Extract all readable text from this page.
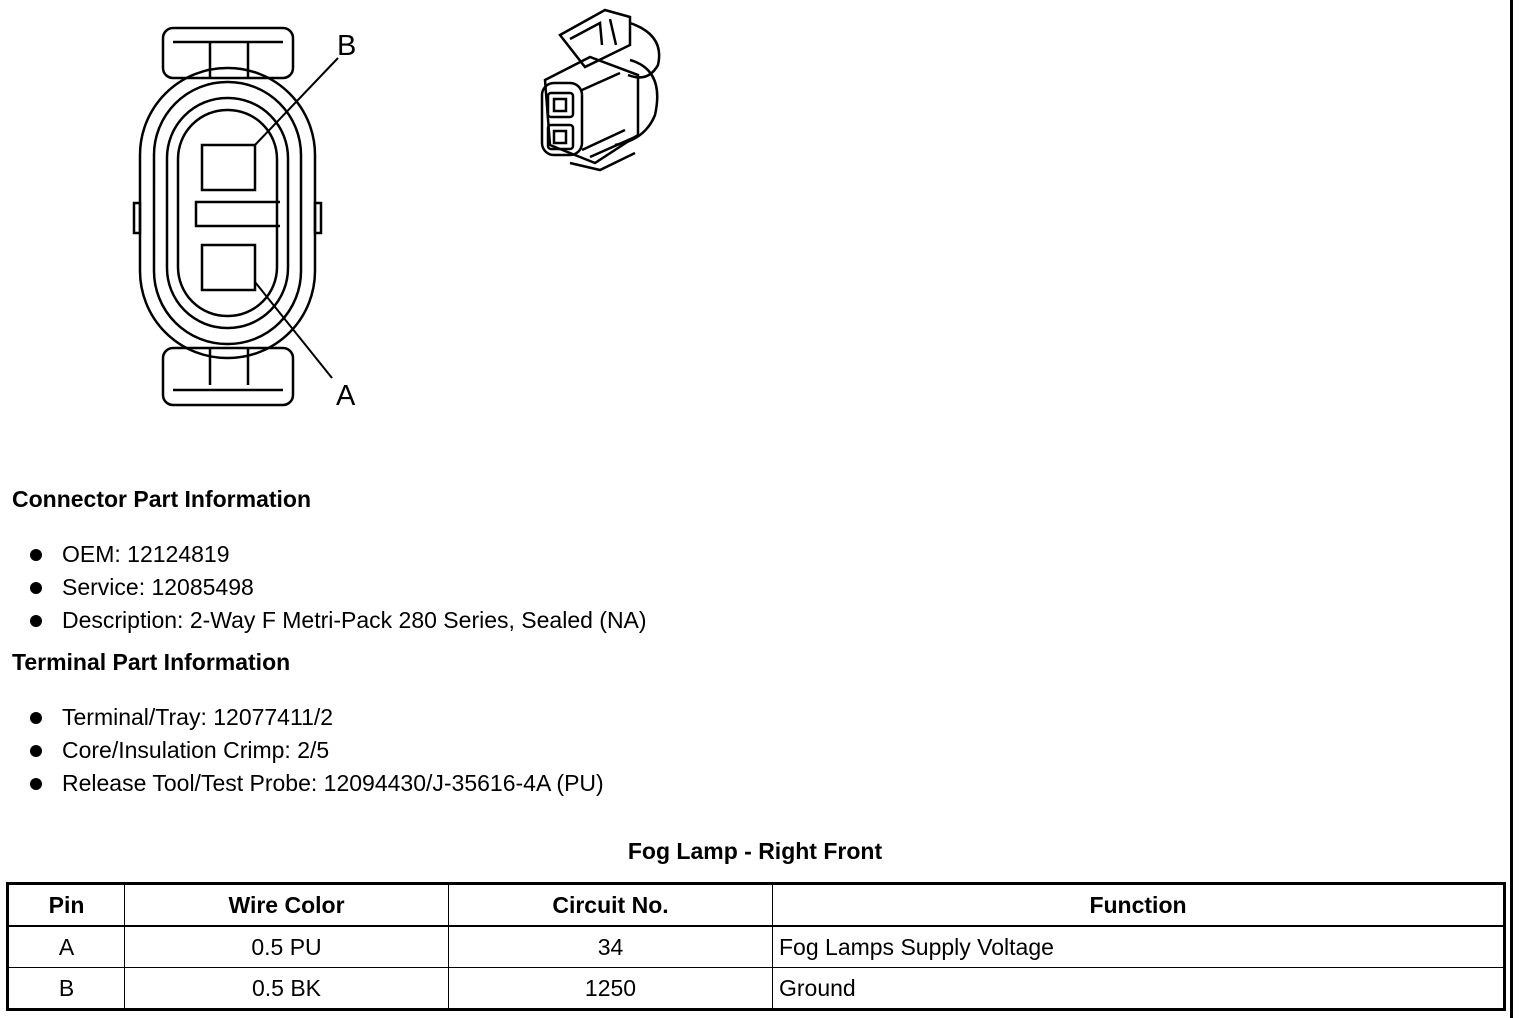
B
A
Connector Part Information
OEM: 12124819
Service: 12085498
Description: 2-Way F Metri-Pack 280 Series, Sealed (NA)
Terminal Part Information
Terminal/Tray: 12077411/2
Core/Insulation Crimp: 2/5
Release Tool/Test Probe: 12094430/J-35616-4A (PU)
Fog Lamp - Right Front
Pin	Wire Color	Circuit No.	Function
A	0.5 PU	34	Fog Lamps Supply Voltage
B	0.5 BK	1250	Ground
